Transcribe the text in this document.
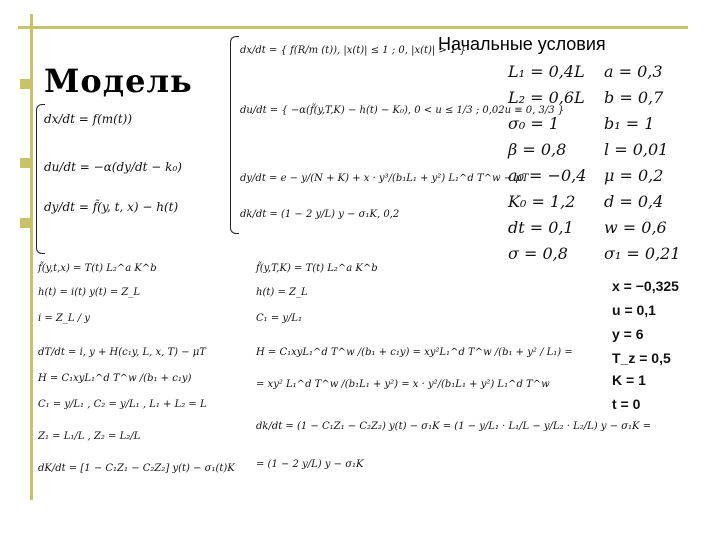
Модель
Начальные условия
dx/dt = f(m(t))
du/dt = −α(dy/dt − k₀)
dy/dt = f̃(y, t, x) − h(t)
dx/dt = { f(R/m (t)), |x(t)| ≤ 1 ; 0, |x(t)| > 1 }
du/dt = { −α(f̃(y,T,K) − h(t) − K₀), 0 < u ≤ 1/3 ; 0,02u ≡ 0, 3/3 }
dy/dt = e − y/(N + K) + x · y³/(b₁L₁ + y²) L₁^d T^w − μT
dk/dt = (1 − 2 y/L) y − σ₁K, 0,2
f̃(y,t,x) = T(t) L₂^a K^b
h(t) = i(t) y(t) = Z_L
i = Z_L / y
dT/dt = i, y + H(c₁y, L, x, T) − μT
H = C₁xyL₁^d T^w /(b₁ + c₁y)
C₁ = y/L₁ , C₂ = y/L₁ , L₁ + L₂ = L
Z₁ = L₁/L , Z₂ = L₂/L
dK/dt = [1 − C₁Z₁ − C₂Z₂] y(t) − σ₁(t)K
f̃(y,T,K) = T(t) L₂^a K^b
h(t) = Z_L
C₁ = y/L₁
H = C₁xyL₁^d T^w /(b₁ + c₁y) = xy²L₁^d T^w /(b₁ + y² / L₁) =
= xy² L₁^d T^w /(b₁L₁ + y²) = x · y²/(b₁L₁ + y²) L₁^d T^w
dk/dt = (1 − C₁Z₁ − C₂Z₂) y(t) − σ₁K = (1 − y/L₁ · L₁/L − y/L₂ · L₂/L) y − σ₁K =
= (1 − 2 y/L) y − σ₁K
L₁ = 0,4L
L₂ = 0,6L
σ₀ = 1
β = 0,8
a₀ = −0,4
K₀ = 1,2
dt = 0,1
σ = 0,8
a = 0,3
b = 0,7
b₁ = 1
l = 0,01
μ = 0,2
d = 0,4
w = 0,6
σ₁ = 0,21
x = −0,325
u = 0,1
y = 6
T_z = 0,5
K = 1
t = 0
